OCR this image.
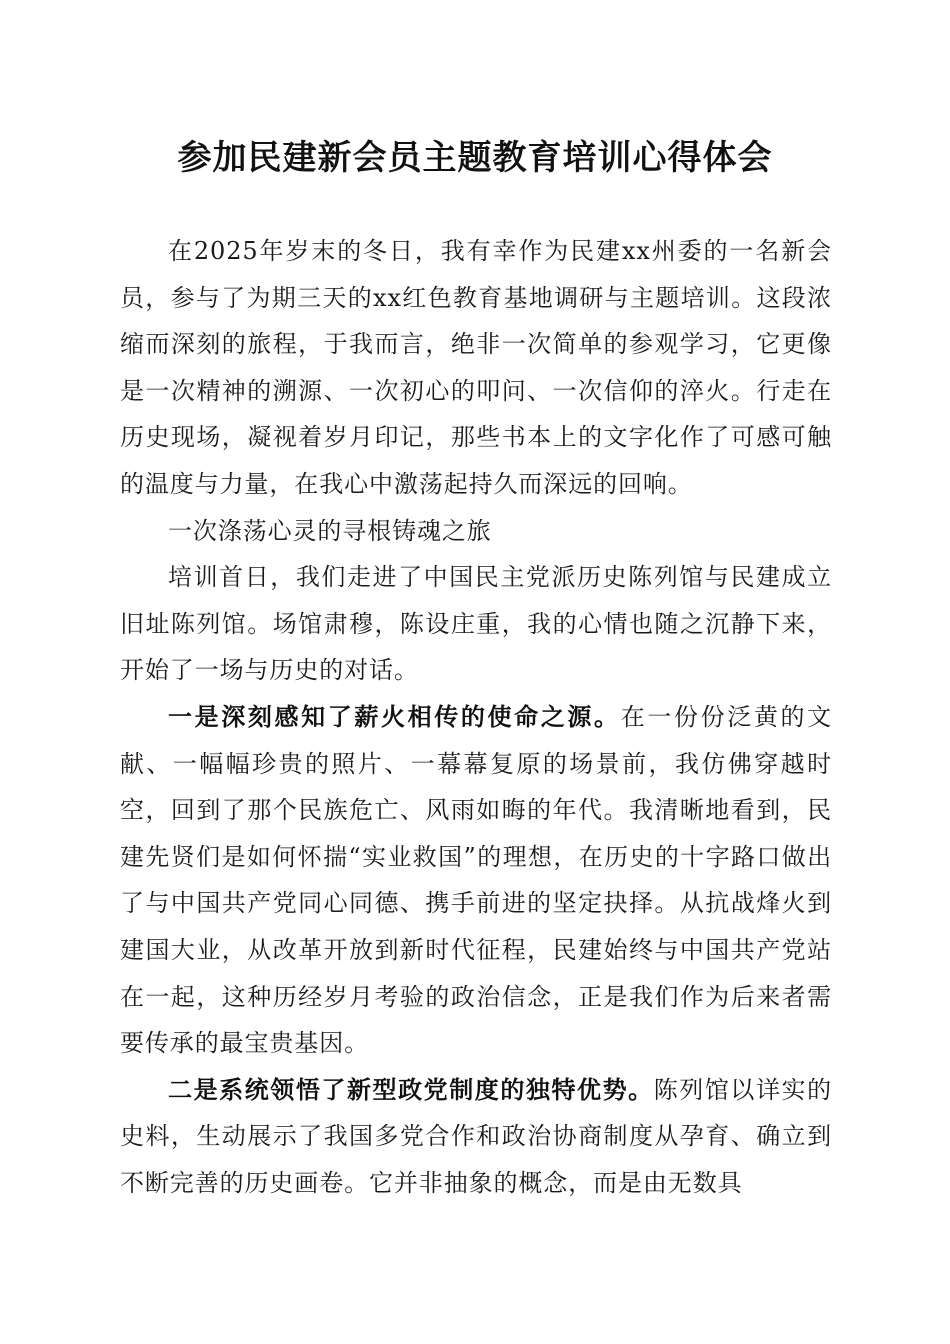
参加民建新会员主题教育培训心得体会

在2025年岁末的冬日，我有幸作为民建xx州委的一名新会员，参与了为期三天的xx红色教育基地调研与主题培训。这段浓缩而深刻的旅程，于我而言，绝非一次简单的参观学习，它更像是一次精神的溯源、一次初心的叩问、一次信仰的淬火。行走在历史现场，凝视着岁月印记，那些书本上的文字化作了可感可触的温度与力量，在我心中激荡起持久而深远的回响。

一次涤荡心灵的寻根铸魂之旅

培训首日，我们走进了中国民主党派历史陈列馆与民建成立旧址陈列馆。场馆肃穆，陈设庄重，我的心情也随之沉静下来，开始了一场与历史的对话。

一是深刻感知了薪火相传的使命之源。在一份份泛黄的文献、一幅幅珍贵的照片、一幕幕复原的场景前，我仿佛穿越时空，回到了那个民族危亡、风雨如晦的年代。我清晰地看到，民建先贤们是如何怀揣“实业救国”的理想，在历史的十字路口做出了与中国共产党同心同德、携手前进的坚定抉择。从抗战烽火到建国大业，从改革开放到新时代征程，民建始终与中国共产党站在一起，这种历经岁月考验的政治信念，正是我们作为后来者需要传承的最宝贵基因。

二是系统领悟了新型政党制度的独特优势。陈列馆以详实的史料，生动展示了我国多党合作和政治协商制度从孕育、确立到不断完善的历史画卷。它并非抽象的概念，而是由无数具
